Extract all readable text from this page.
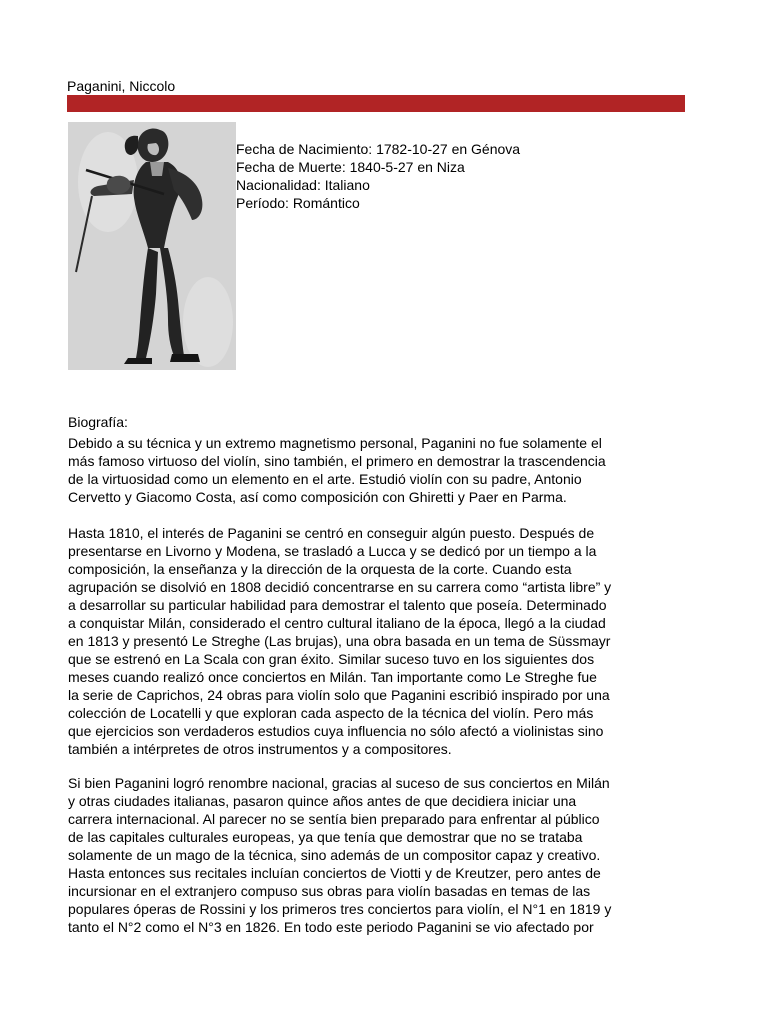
Paganini, Niccolo
Fecha de Nacimiento: 1782-10-27 en Génova
Fecha de Muerte: 1840-5-27 en Niza
Nacionalidad: Italiano
Período: Romántico
Biografía:
Debido a su técnica y un extremo magnetismo personal, Paganini no fue solamente el
más famoso virtuoso del violín, sino también, el primero en demostrar la trascendencia
de la virtuosidad como un elemento en el arte. Estudió violín con su padre, Antonio
Cervetto y Giacomo Costa, así como composición con Ghiretti y Paer en Parma.
Hasta 1810, el interés de Paganini se centró en conseguir algún puesto. Después de
presentarse en Livorno y Modena, se trasladó a Lucca y se dedicó por un tiempo a la
composición, la enseñanza y la dirección de la orquesta de la corte. Cuando esta
agrupación se disolvió en 1808 decidió concentrarse en su carrera como “artista libre” y
a desarrollar su particular habilidad para demostrar el talento que poseía. Determinado
a conquistar Milán, considerado el centro cultural italiano de la época, llegó a la ciudad
en 1813 y presentó Le Streghe (Las brujas), una obra basada en un tema de Süssmayr
que se estrenó en La Scala con gran éxito. Similar suceso tuvo en los siguientes dos
meses cuando realizó once conciertos en Milán. Tan importante como Le Streghe fue
la serie de Caprichos, 24 obras para violín solo que Paganini escribió inspirado por una
colección de Locatelli y que exploran cada aspecto de la técnica del violín. Pero más
que ejercicios son verdaderos estudios cuya influencia no sólo afectó a violinistas sino
también a intérpretes de otros instrumentos y a compositores.
Si bien Paganini logró renombre nacional, gracias al suceso de sus conciertos en Milán
y otras ciudades italianas, pasaron quince años antes de que decidiera iniciar una
carrera internacional. Al parecer no se sentía bien preparado para enfrentar al público
de las capitales culturales europeas, ya que tenía que demostrar que no se trataba
solamente de un mago de la técnica, sino además de un compositor capaz y creativo.
Hasta entonces sus recitales incluían conciertos de Viotti y de Kreutzer, pero antes de
incursionar en el extranjero compuso sus obras para violín basadas en temas de las
populares óperas de Rossini y los primeros tres conciertos para violín, el N°1 en 1819 y
tanto el N°2 como el N°3 en 1826. En todo este periodo Paganini se vio afectado por
